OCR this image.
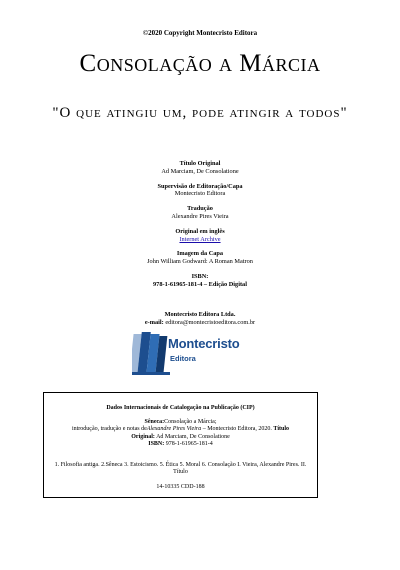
©2020 Copyright Montecristo Editora
Consolação a Márcia
"O que atingiu um, pode atingir a todos"
Título Original
Ad Marciam, De Consolatione
Supervisão de Editoração/Capa
Montecristo Editora
Tradução
Alexandre Pires Vieira
Original em inglês
Internet Archive
Imagem da Capa
John William Godward: A Roman Matron
ISBN:
978-1-61965-181-4 – Edição Digital
Montecristo Editora Ltda.
e-mail: editora@montecristoeditora.com.br
Montecristo
Editora
Dados Internacionais de Catalogação na Publicação (CIP)
Sêneca:Consolação a Márcia;
introdução, tradução e notas deAlexandre Pires Vieira – Montecristo Editora, 2020. Título
Original: Ad Marciam, De Consolatione
ISBN: 978-1-61965-181-4
1. Filosofia antiga. 2.Sêneca 3. Estoicismo. 5. Ética 5. Moral 6. Consolação I. Vieira, Alexandre Pires. II. Título
14-10335 CDD-188
